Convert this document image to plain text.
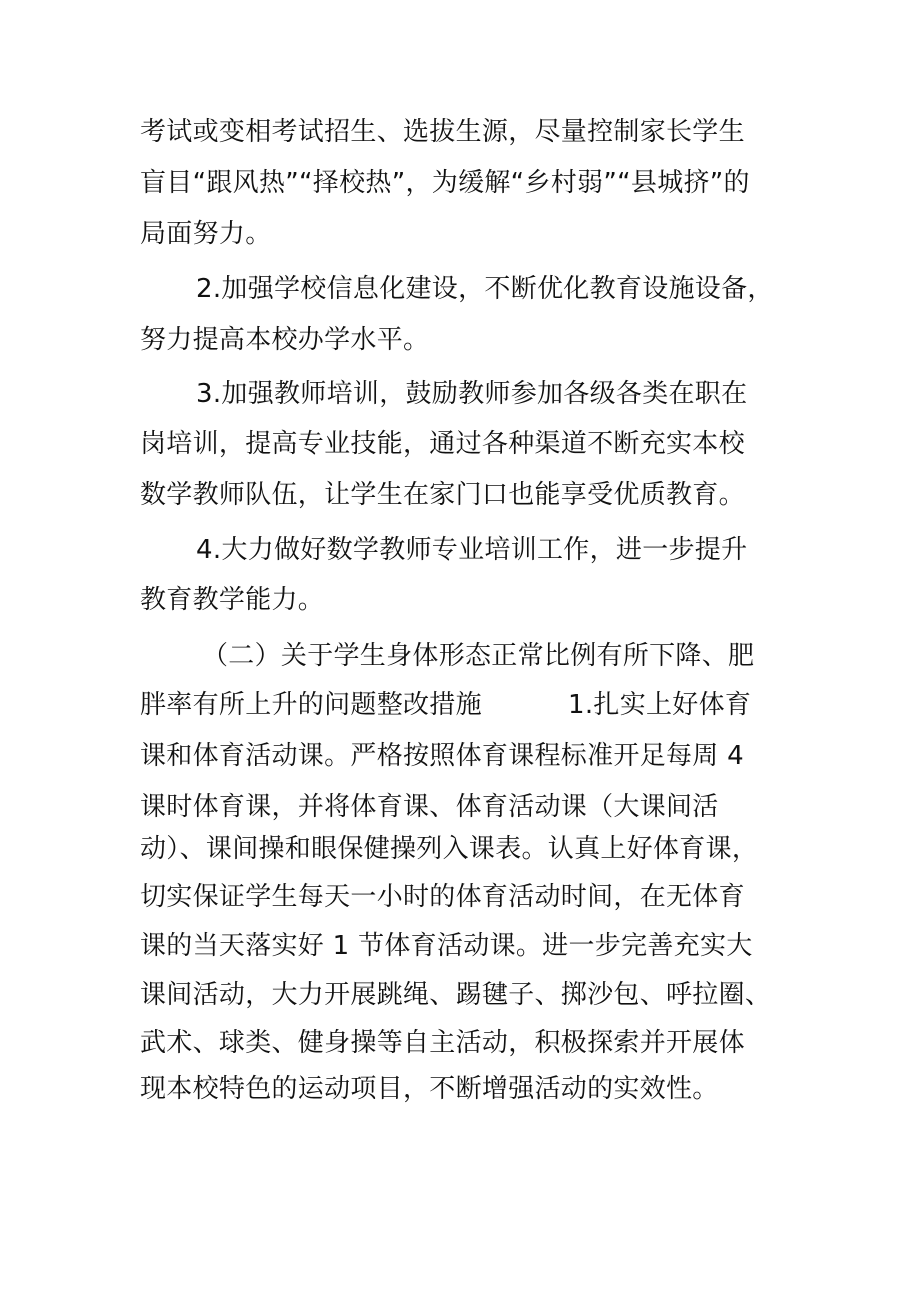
考试或变相考试招生、选拔生源，尽量控制家长学生
盲目“跟风热”“择校热”，为缓解“乡村弱”“县城挤”的
局面努力。
2.加强学校信息化建设，不断优化教育设施设备，
努力提高本校办学水平。
3.加强教师培训，鼓励教师参加各级各类在职在
岗培训，提高专业技能，通过各种渠道不断充实本校
数学教师队伍，让学生在家门口也能享受优质教育。
4.大力做好数学教师专业培训工作，进一步提升
教育教学能力。
（二）关于学生身体形态正常比例有所下降、肥
胖率有所上升的问题整改措施	1.扎实上好体育
课和体育活动课。严格按照体育课程标准开足每周 4
课时体育课，并将体育课、体育活动课（大课间活
动）、课间操和眼保健操列入课表。认真上好体育课，
切实保证学生每天一小时的体育活动时间，在无体育
课的当天落实好 1 节体育活动课。进一步完善充实大
课间活动，大力开展跳绳、踢毽子、掷沙包、呼拉圈、
武术、球类、健身操等自主活动，积极探索并开展体
现本校特色的运动项目，不断增强活动的实效性。
